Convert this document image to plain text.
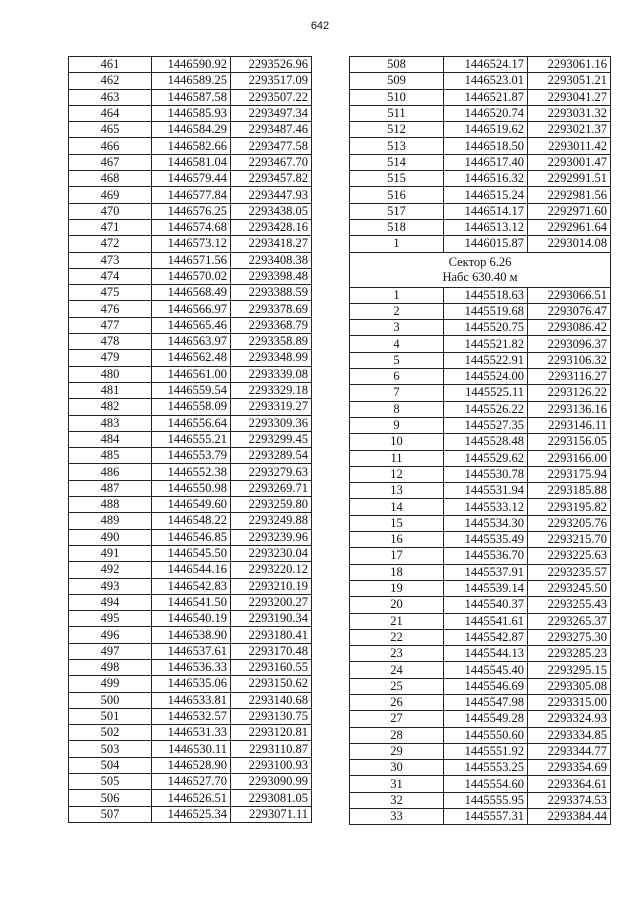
642
461	1446590.92	2293526.96
462	1446589.25	2293517.09
463	1446587.58	2293507.22
464	1446585.93	2293497.34
465	1446584.29	2293487.46
466	1446582.66	2293477.58
467	1446581.04	2293467.70
468	1446579.44	2293457.82
469	1446577.84	2293447.93
470	1446576.25	2293438.05
471	1446574.68	2293428.16
472	1446573.12	2293418.27
473	1446571.56	2293408.38
474	1446570.02	2293398.48
475	1446568.49	2293388.59
476	1446566.97	2293378.69
477	1446565.46	2293368.79
478	1446563.97	2293358.89
479	1446562.48	2293348.99
480	1446561.00	2293339.08
481	1446559.54	2293329.18
482	1446558.09	2293319.27
483	1446556.64	2293309.36
484	1446555.21	2293299.45
485	1446553.79	2293289.54
486	1446552.38	2293279.63
487	1446550.98	2293269.71
488	1446549.60	2293259.80
489	1446548.22	2293249.88
490	1446546.85	2293239.96
491	1446545.50	2293230.04
492	1446544.16	2293220.12
493	1446542.83	2293210.19
494	1446541.50	2293200.27
495	1446540.19	2293190.34
496	1446538.90	2293180.41
497	1446537.61	2293170.48
498	1446536.33	2293160.55
499	1446535.06	2293150.62
500	1446533.81	2293140.68
501	1446532.57	2293130.75
502	1446531.33	2293120.81
503	1446530.11	2293110.87
504	1446528.90	2293100.93
505	1446527.70	2293090.99
506	1446526.51	2293081.05
507	1446525.34	2293071.11
508	1446524.17	2293061.16
509	1446523.01	2293051.21
510	1446521.87	2293041.27
511	1446520.74	2293031.32
512	1446519.62	2293021.37
513	1446518.50	2293011.42
514	1446517.40	2293001.47
515	1446516.32	2292991.51
516	1446515.24	2292981.56
517	1446514.17	2292971.60
518	1446513.12	2292961.64
1	1446015.87	2293014.08

Сектор 6.26
Набс 630.40 м		

1	1445518.63	2293066.51
2	1445519.68	2293076.47
3	1445520.75	2293086.42
4	1445521.82	2293096.37
5	1445522.91	2293106.32
6	1445524.00	2293116.27
7	1445525.11	2293126.22
8	1445526.22	2293136.16
9	1445527.35	2293146.11
10	1445528.48	2293156.05
11	1445529.62	2293166.00
12	1445530.78	2293175.94
13	1445531.94	2293185.88
14	1445533.12	2293195.82
15	1445534.30	2293205.76
16	1445535.49	2293215.70
17	1445536.70	2293225.63
18	1445537.91	2293235.57
19	1445539.14	2293245.50
20	1445540.37	2293255.43
21	1445541.61	2293265.37
22	1445542.87	2293275.30
23	1445544.13	2293285.23
24	1445545.40	2293295.15
25	1445546.69	2293305.08
26	1445547.98	2293315.00
27	1445549.28	2293324.93
28	1445550.60	2293334.85
29	1445551.92	2293344.77
30	1445553.25	2293354.69
31	1445554.60	2293364.61
32	1445555.95	2293374.53
33	1445557.31	2293384.44
